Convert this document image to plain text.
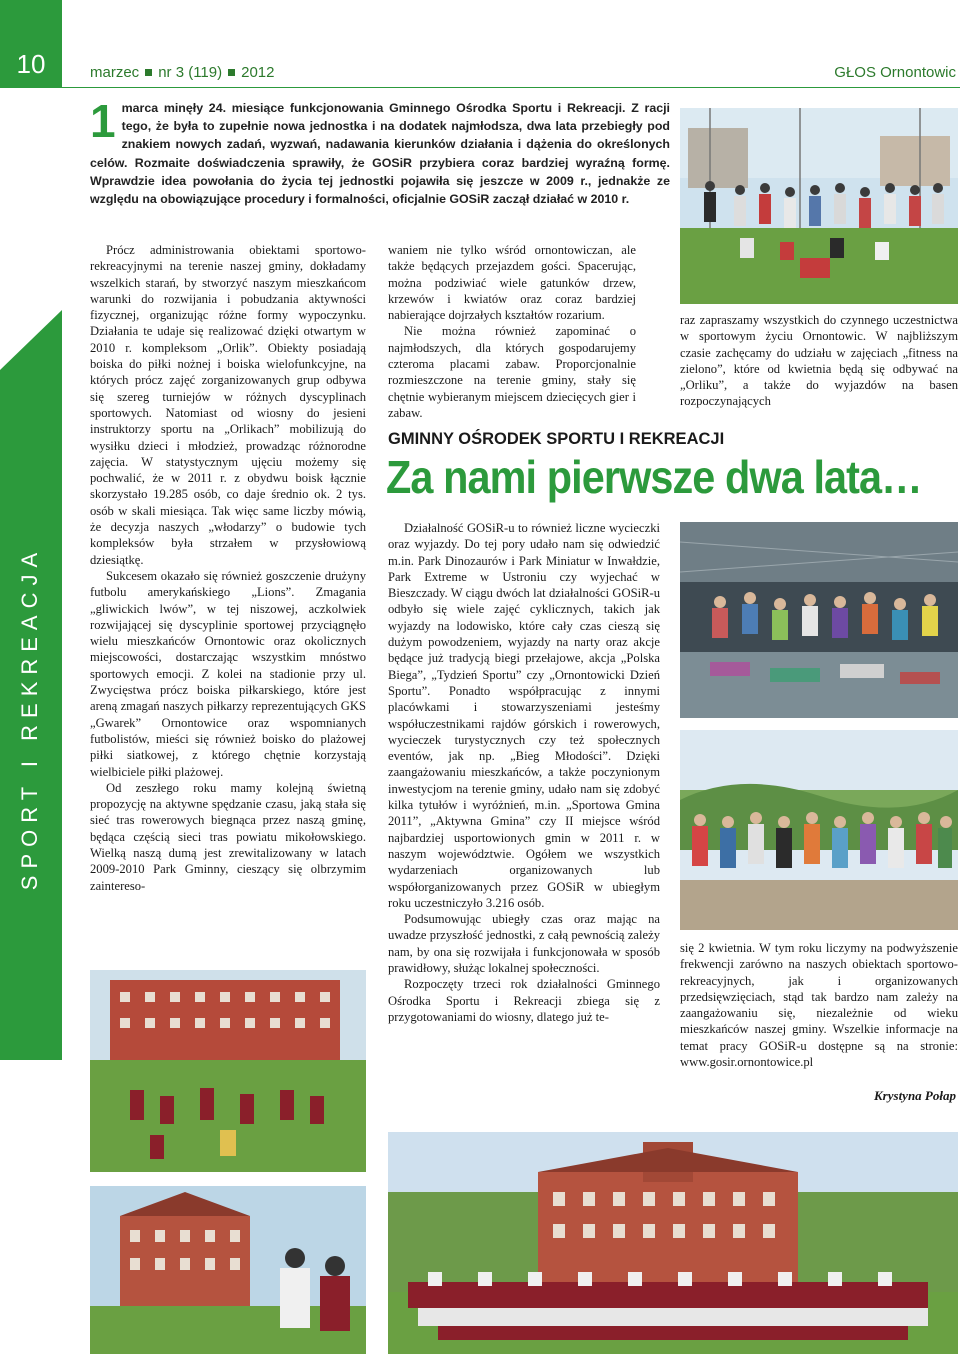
10	marzec nr 3 (119) 2012	GŁOS Ornontowic
SPORT I REKREACJA
1 marca minęły 24. miesiące funkcjonowania Gminnego Ośrodka Sportu i Rekreacji. Z racji tego, że była to zupełnie nowa jednostka i na dodatek najmłodsza, dwa lata przebiegły pod znakiem nowych zadań, wyzwań, nadawania kierunków działania i dążenia do określonych celów. Rozmaite doświadczenia sprawiły, że GOSiR przybiera coraz bardziej wyraźną formę. Wprawdzie idea powołania do życia tej jednostki pojawiła się jeszcze w 2009 r., jednakże ze względu na obowiązujące procedury i formalności, oficjalnie GOSiR zaczął działać w 2010 r.

Prócz administrowania obiektami sportowo-rekreacyjnymi na terenie naszej gminy, dokładamy wszelkich starań, by stworzyć naszym mieszkańcom warunki do rozwijania i pobudzania aktywności fizycznej, organizując różne formy wypoczynku. Działania te udaje się realizować dzięki otwartym w 2010 r. kompleksom „Orlik”. Obiekty posiadają boiska do piłki nożnej i boiska wielofunkcyjne, na których prócz zajęć zorganizowanych grup odbywa się szereg turniejów w różnych dyscyplinach sportowych. Natomiast od wiosny do jesieni instruktorzy sportu na „Orlikach” mobilizują do wysiłku dzieci i młodzież, prowadząc różnorodne zajęcia. W statystycznym ujęciu możemy się pochwalić, że w 2011 r. z obydwu boisk łącznie skorzystało 19.285 osób, co daje średnio ok. 2 tys. osób w skali miesiąca. Tak więc same liczby mówią, że decyzja naszych „włodarzy” o budowie tych kompleksów była strzałem w przysłowiową dziesiątkę.

Sukcesem okazało się również goszczenie drużyny futbolu amerykańskiego „Lions”. Zmagania „gliwickich lwów”, w tej niszowej, aczkolwiek rozwijającej się dyscyplinie sportowej przyciągnęło wielu mieszkańców Ornontowic oraz okolicznych miejscowości, dostarczając wszystkim mnóstwo sportowych emocji. Z kolei na stadionie przy ul. Zwycięstwa prócz boiska piłkarskiego, które jest areną zmagań naszych piłkarzy reprezentujących GKS „Gwarek” Ornontowice oraz wspomnianych futbolistów, mieści się również boisko do plażowej piłki siatkowej, z którego chętnie korzystają wielbiciele piłki plażowej.

Od zeszłego roku mamy kolejną świetną propozycję na aktywne spędzanie czasu, jaką stała się sieć tras rowerowych biegnąca przez naszą gminę, będąca częścią sieci tras powiatu mikołowskiego. Wielką naszą dumą jest zrewitalizowany w latach 2009-2010 Park Gminny, cieszący się olbrzymim zaintereso-

waniem nie tylko wśród ornontowiczan, ale także będących przejazdem gości. Spacerując, można podziwiać wiele gatunków drzew, krzewów i kwiatów oraz coraz bardziej nabierające dojrzałych kształtów rozarium.

Nie można również zapominać o najmłodszych, dla których gospodarujemy czteroma placami zabaw. Proporcjonalnie rozmieszczone na terenie gminy, stały się chętnie wybieranym miejscem dziecięcych gier i zabaw.

raz zapraszamy wszystkich do czynnego uczestnictwa w sportowym życiu Ornontowic. W najbliższym czasie zachęcamy do udziału w zajęciach „fitness na zielono”, które od kwietnia będą się odbywać na „Orliku”, a także do wyjazdów na basen rozpoczynających

GMINNY OŚRODEK SPORTU I REKREACJI
Za nami pierwsze dwa lata…

Działalność GOSiR-u to również liczne wycieczki oraz wyjazdy. Do tej pory udało nam się odwiedzić m.in. Park Dinozaurów i Park Miniatur w Inwałdzie, Park Extreme w Ustroniu czy wyjechać w Bieszczady. W ciągu dwóch lat działalności GOSiR-u odbyło się wiele zajęć cyklicznych, takich jak wyjazdy na lodowisko, które cały czas cieszą się dużym powodzeniem, wyjazdy na narty oraz akcje będące już tradycją biegi przełajowe, akcja „Polska Biega”, „Tydzień Sportu” czy „Ornontowicki Dzień Sportu”. Ponadto współpracując z innymi placówkami i stowarzyszeniami jesteśmy współuczestnikami rajdów górskich i rowerowych, wycieczek turystycznych czy też społecznych eventów, jak np. „Bieg Młodości”. Dzięki zaangażowaniu mieszkańców, a także poczynionym inwestycjom na terenie gminy, udało nam się zdobyć kilka tytułów i wyróżnień, m.in. „Sportowa Gmina 2011”, „Aktywna Gmina” czy II miejsce wśród najbardziej usportowionych gmin w 2011 r. w naszym województwie. Ogółem we wszystkich wydarzeniach organizowanych lub współorganizowanych przez GOSiR w ubiegłym roku uczestniczyło 3.216 osób.

Podsumowując ubiegły czas oraz mając na uwadze przyszłość jednostki, z całą pewnością zależy nam, by ona się rozwijała i funkcjonowała w sposób prawidłowy, służąc lokalnej społeczności.

Rozpoczęty trzeci rok działalności Gminnego Ośrodka Sportu i Rekreacji zbiega się z przygotowaniami do wiosny, dlatego już te-

się 2 kwietnia. W tym roku liczymy na podwyższenie frekwencji zarówno na naszych obiektach sportowo-rekreacyjnych, jak i organizowanych przedsięwzięciach, stąd tak bardzo nam zależy na zaangażowaniu się, niezależnie od wieku mieszkańców naszej gminy. Wszelkie informacje na temat pracy GOSiR-u dostępne są na stronie: www.gosir.ornontowice.pl

Krystyna Połap
